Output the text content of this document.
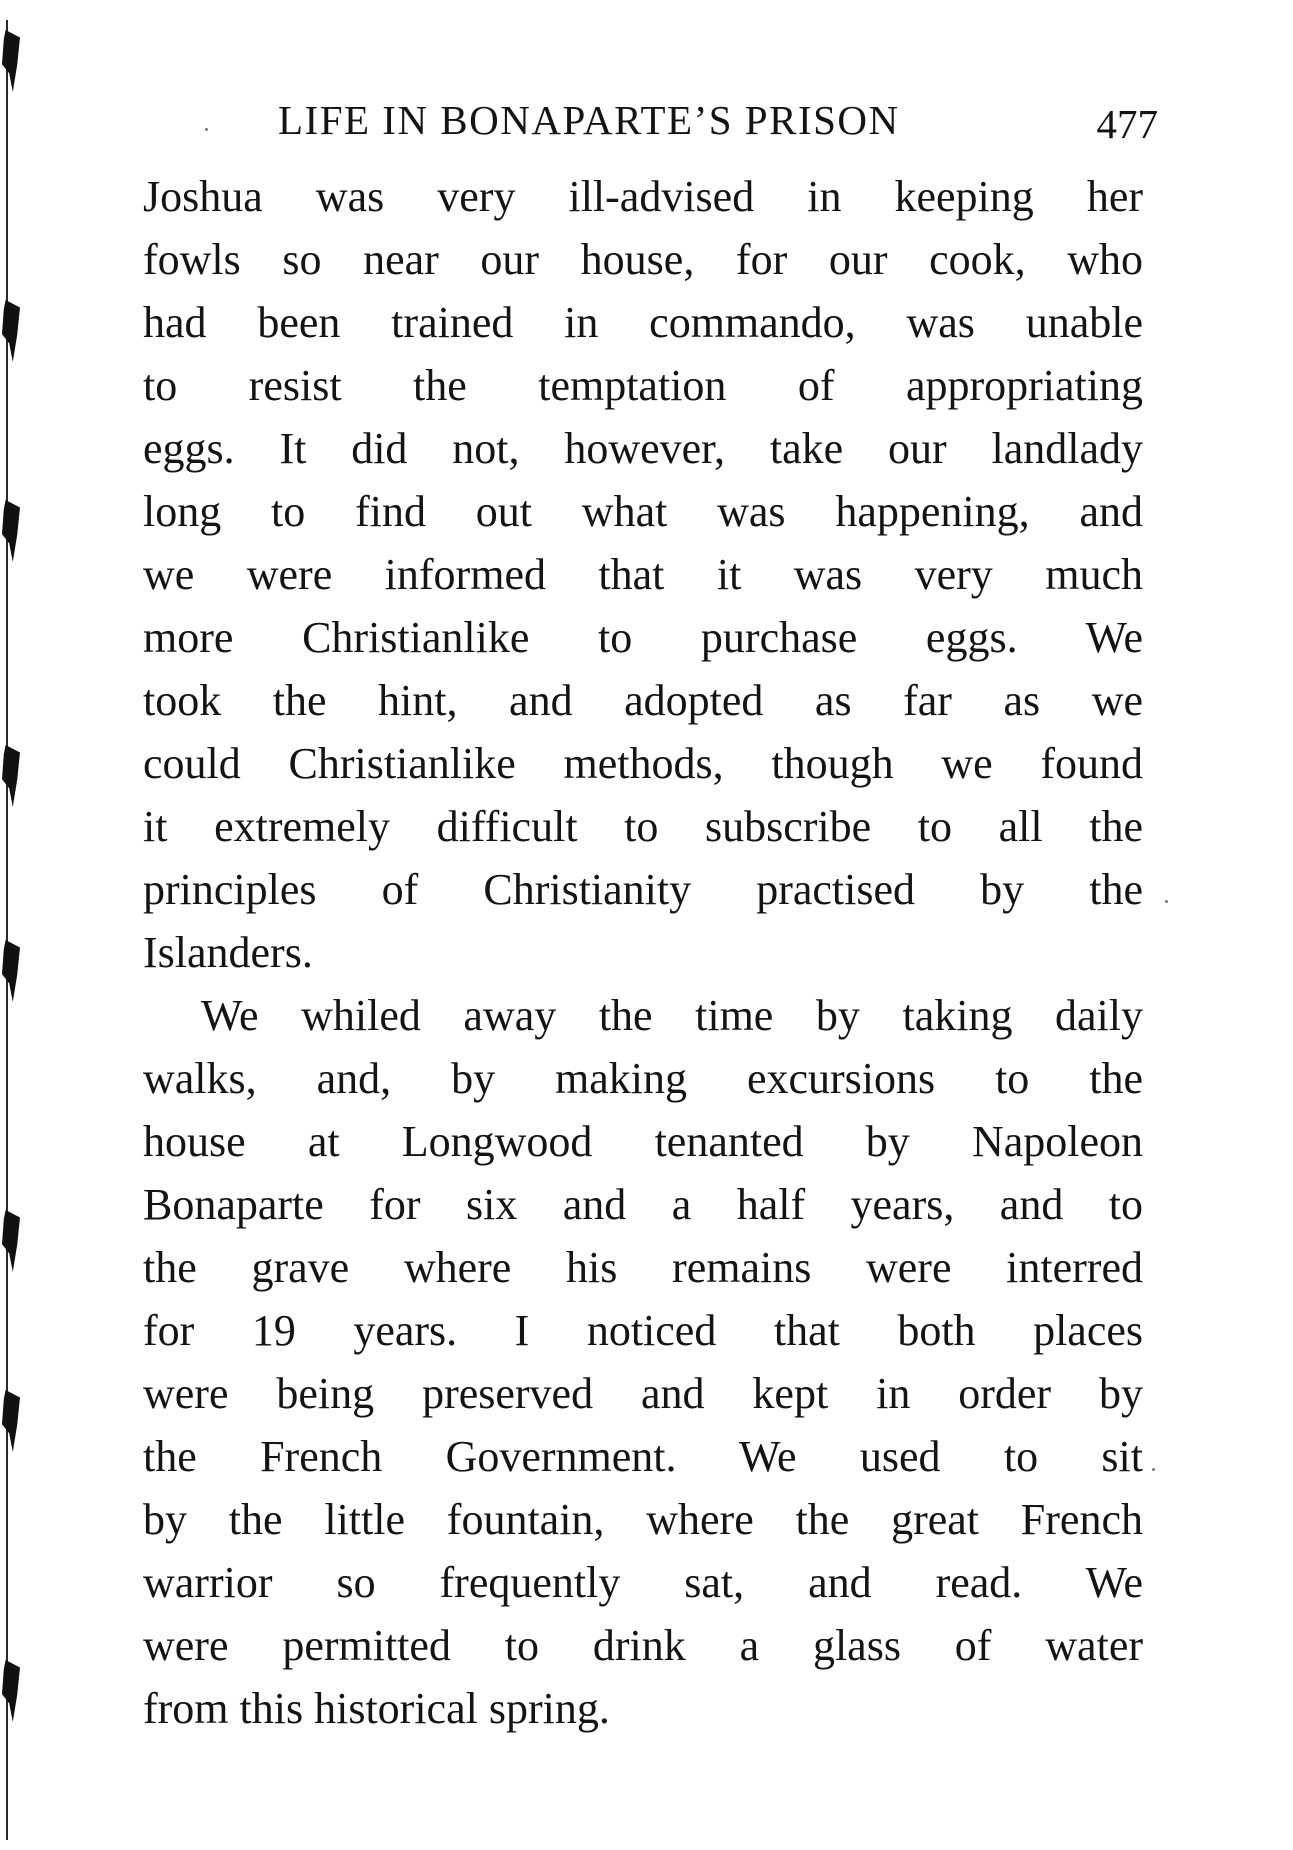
LIFE IN BONAPARTE’S PRISON	477
Joshua was very ill-advised in keeping her
fowls so near our house, for our cook, who
had been trained in commando, was unable
to resist the temptation of appropriating
eggs. It did not, however, take our landlady
long to find out what was happening, and
we were informed that it was very much
more Christianlike to purchase eggs. We
took the hint, and adopted as far as we
could Christianlike methods, though we found
it extremely difficult to subscribe to all the
principles of Christianity practised by the
Islanders.
We whiled away the time by taking daily
walks, and, by making excursions to the
house at Longwood tenanted by Napoleon
Bonaparte for six and a half years, and to
the grave where his remains were interred
for 19 years. I noticed that both places
were being preserved and kept in order by
the French Government. We used to sit
by the little fountain, where the great French
warrior so frequently sat, and read. We
were permitted to drink a glass of water
from this historical spring.
